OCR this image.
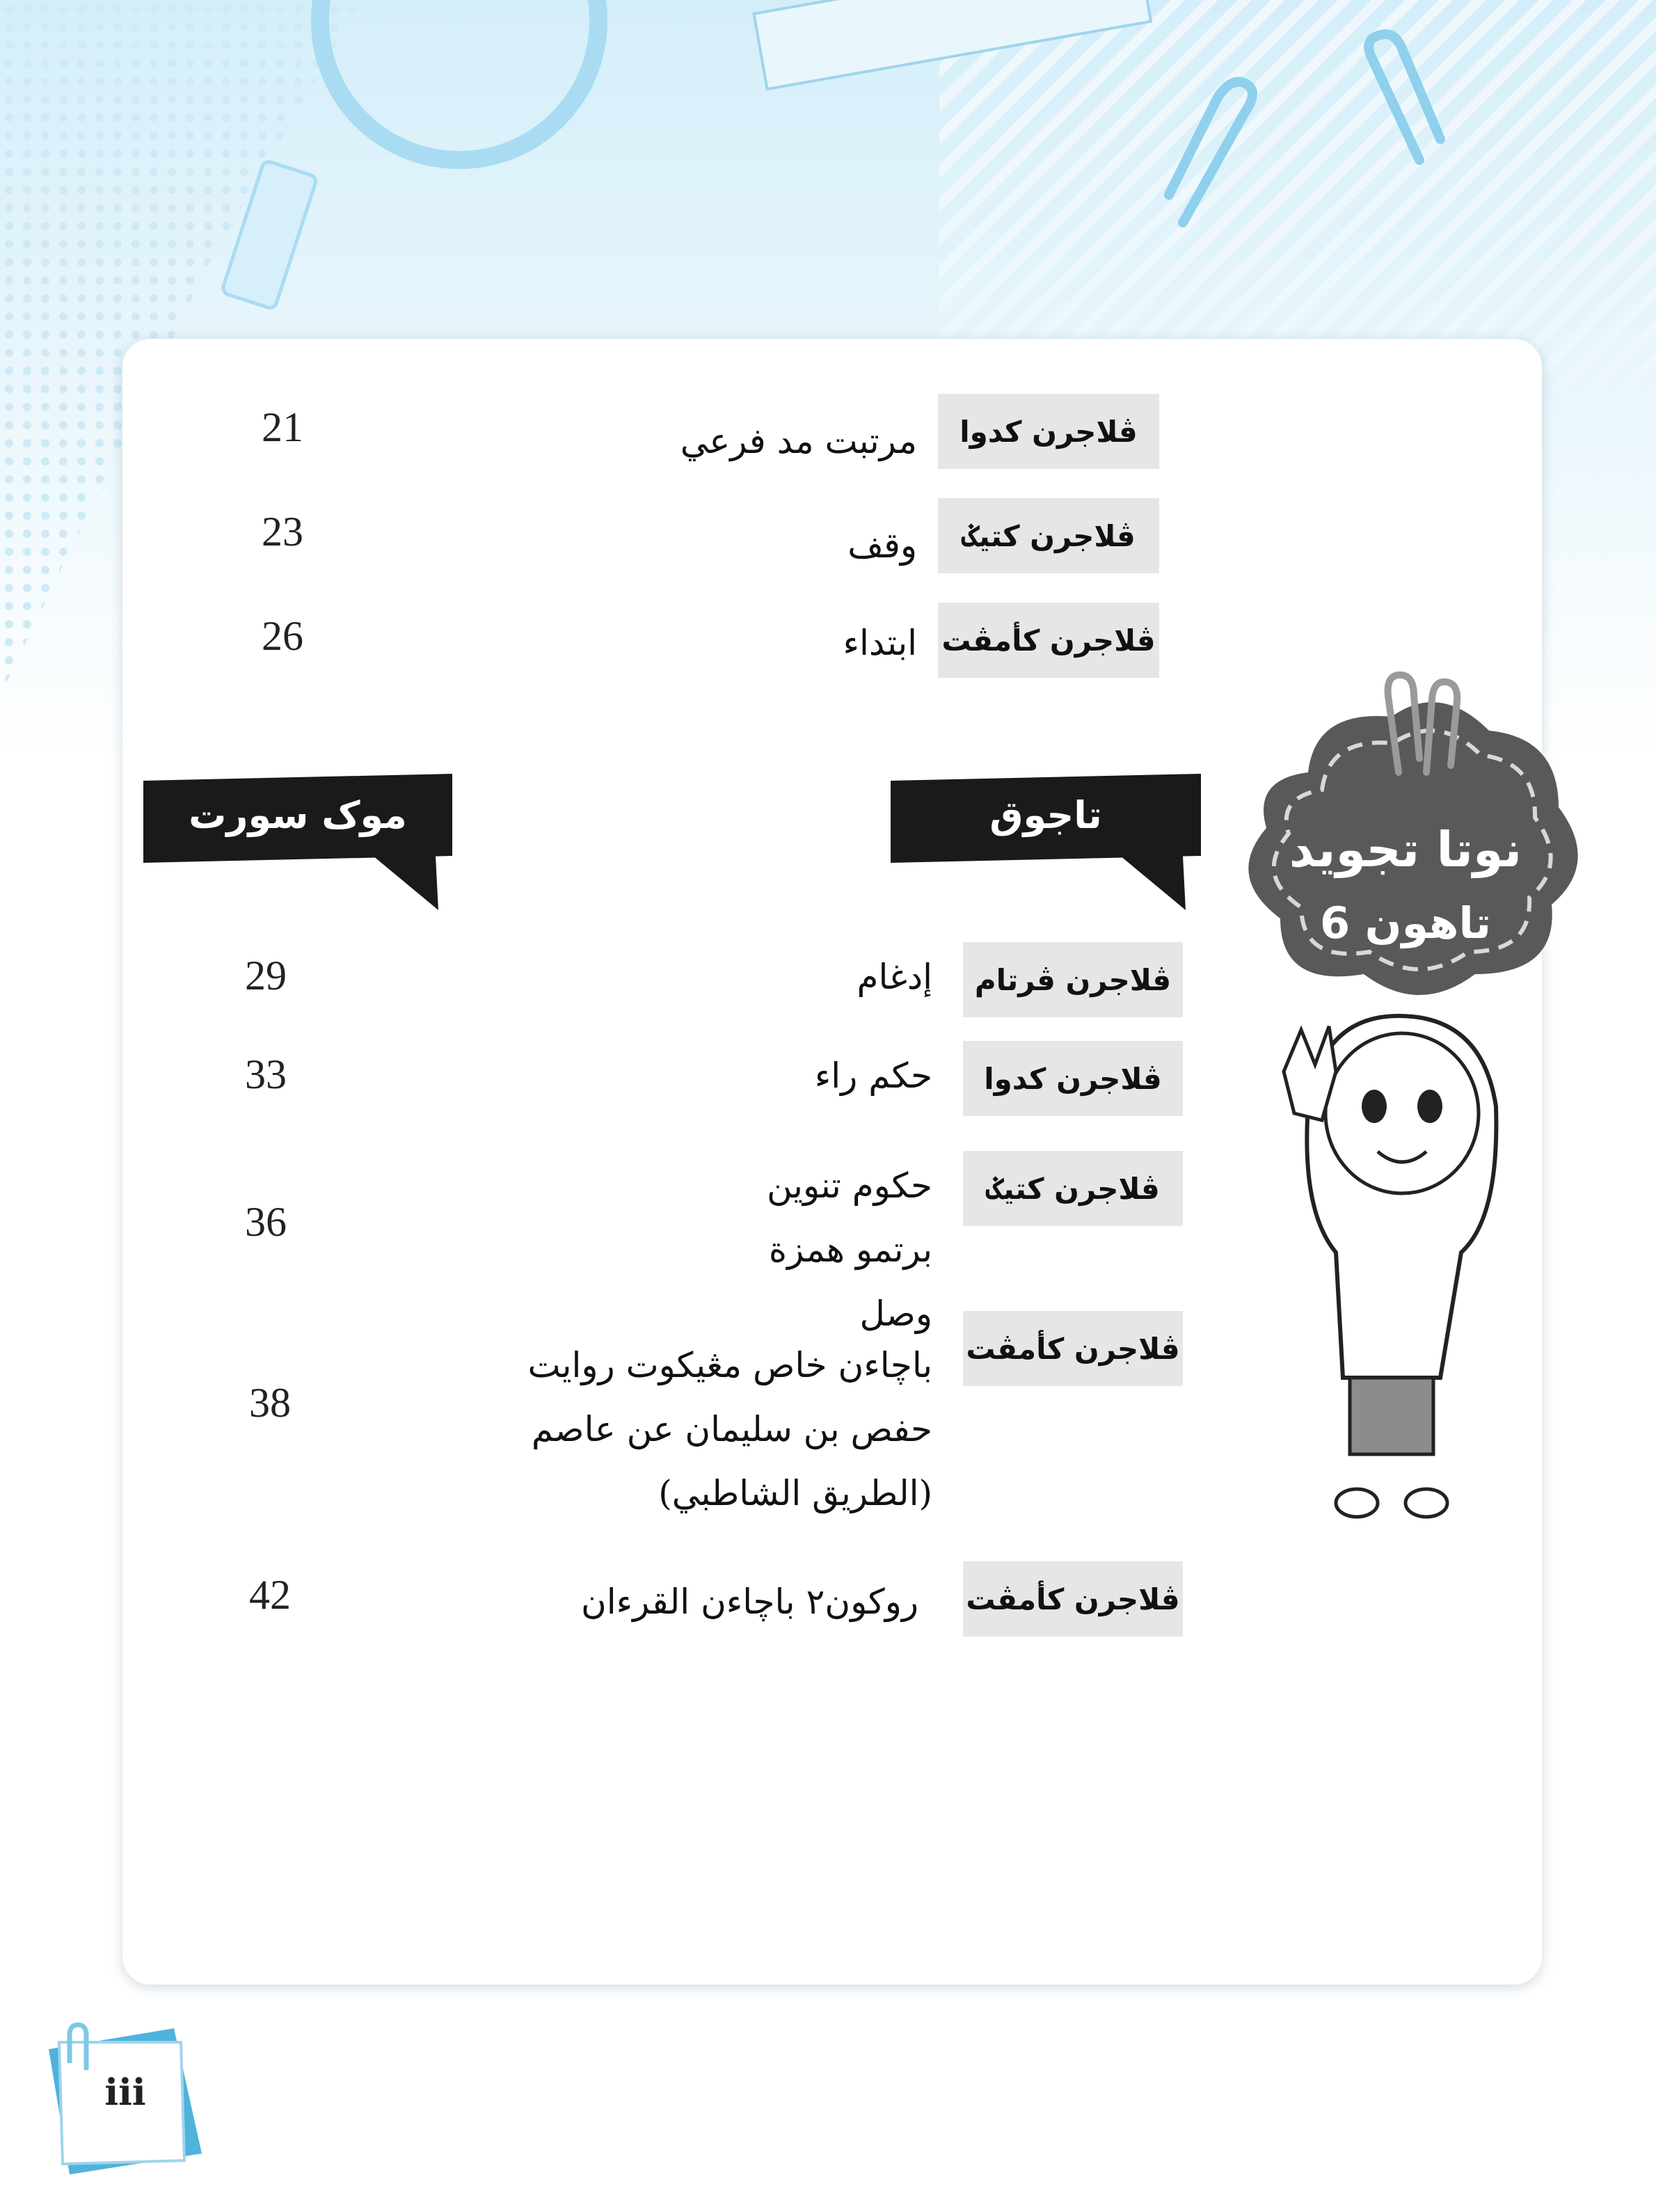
ڤلاجرن كدوا
مرتبت مد فرعي
21
ڤلاجرن كتيݢ
وقف
23
ڤلاجرن كأمڤت
ابتداء
26
موک سورت	تاجوق
نوتا تجويد
تاهون 6
ڤلاجرن ڤرتام
إدغام
29
ڤلاجرن كدوا
حكم راء
33
ڤلاجرن كتيݢ
حكوم تنوين برتمو همزة وصل
36
ڤلاجرن كأمڤت
باچاءن خاص مڠيكوت روايت حفص بن سليمان عن عاصم (الطريق الشاطبي)
38
ڤلاجرن كأمڤت
روكون٢ باچاءن القرءان
42
iii
